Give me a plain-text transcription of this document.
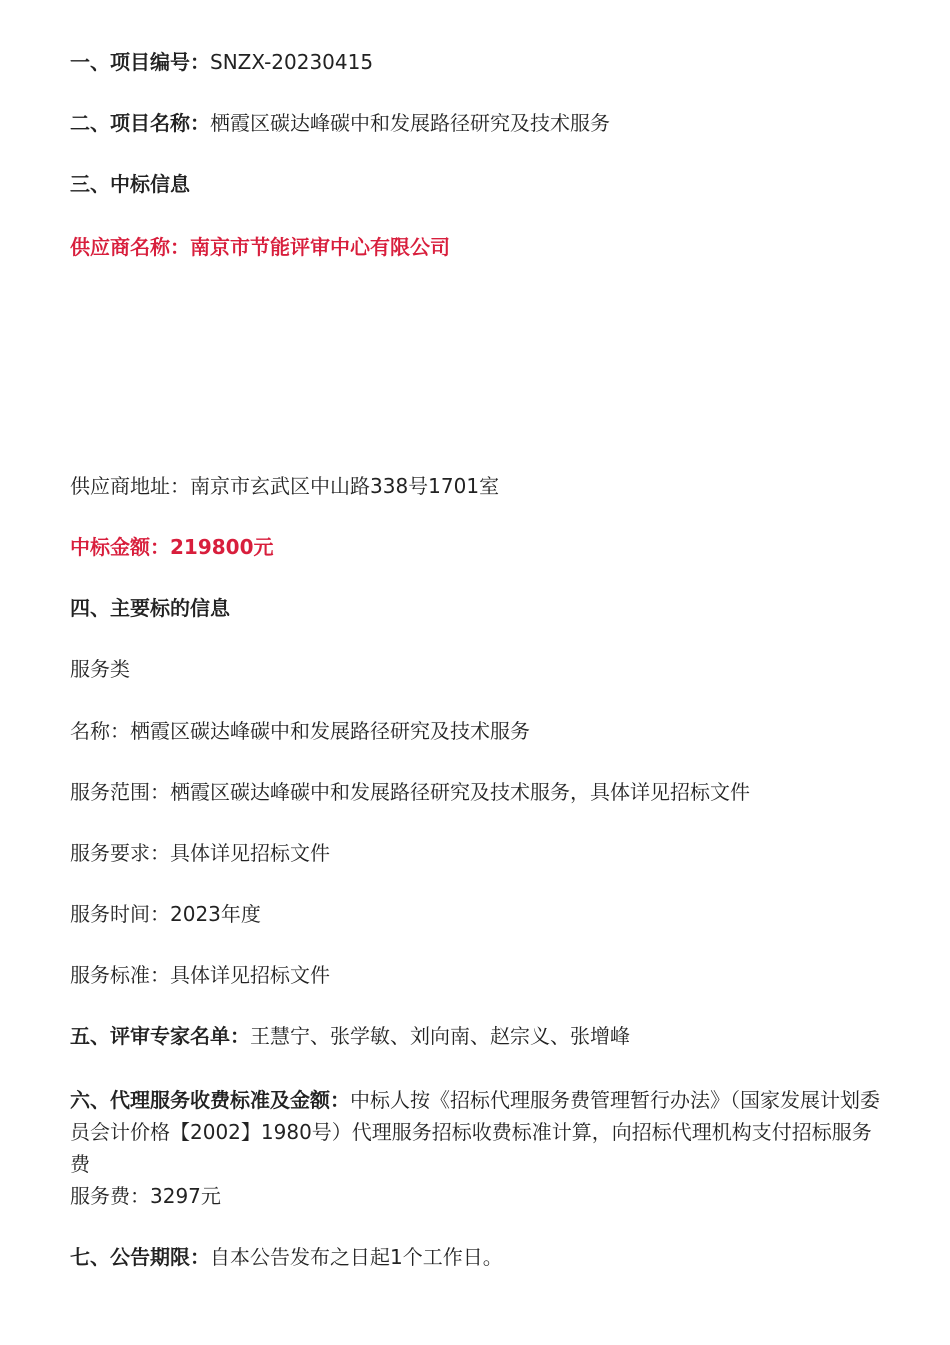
一、项目编号：SNZX-20230415
二、项目名称：栖霞区碳达峰碳中和发展路径研究及技术服务
三、中标信息
供应商名称：南京市节能评审中心有限公司
供应商地址：南京市玄武区中山路338号1701室
中标金额：219800元
四、主要标的信息
服务类
名称：栖霞区碳达峰碳中和发展路径研究及技术服务
服务范围：栖霞区碳达峰碳中和发展路径研究及技术服务，具体详见招标文件
服务要求：具体详见招标文件
服务时间：2023年度
服务标准：具体详见招标文件
五、评审专家名单：王慧宁、张学敏、刘向南、赵宗义、张增峰
六、代理服务收费标准及金额：中标人按《招标代理服务费管理暂行办法》（国家发展计划委员会计价格【2002】1980号）代理服务招标收费标准计算，向招标代理机构支付招标服务费
服务费：3297元
七、公告期限：自本公告发布之日起1个工作日。
